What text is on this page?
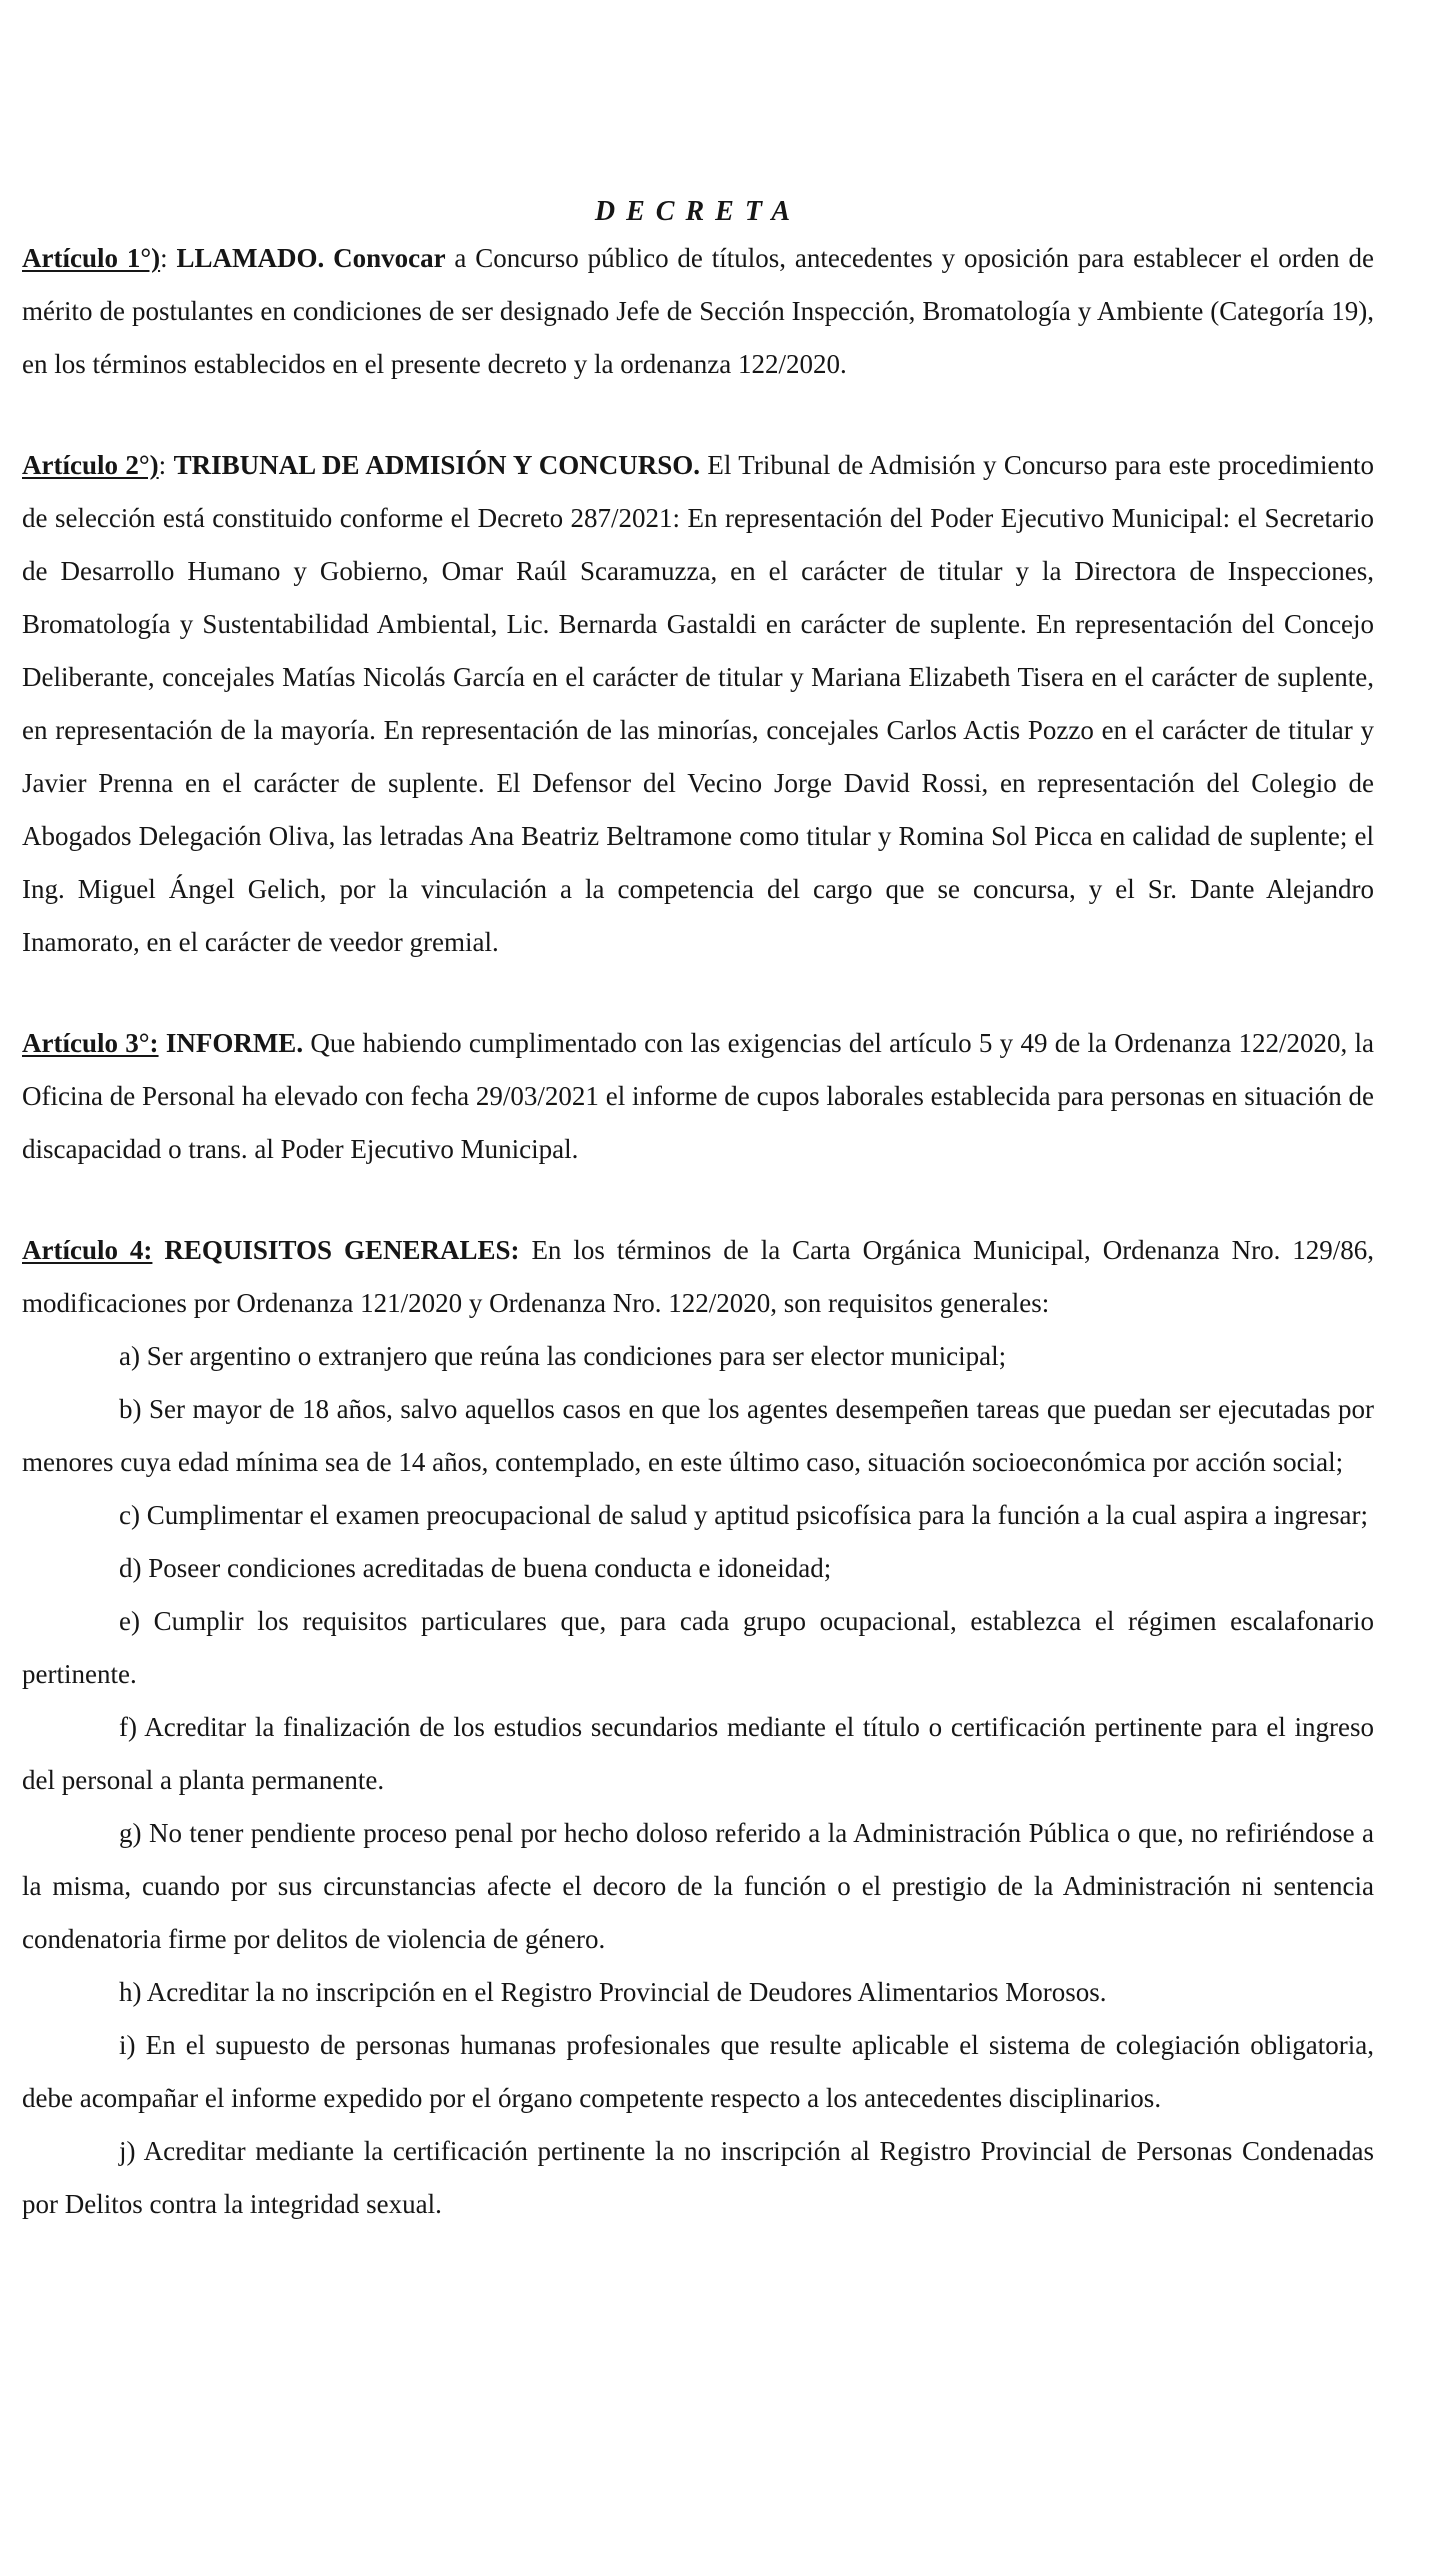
DECRETA

Artículo 1°): LLAMADO. Convocar a Concurso público de títulos, antecedentes y oposición para establecer el orden de mérito de postulantes en condiciones de ser designado Jefe de Sección Inspección, Bromatología y Ambiente (Categoría 19), en los términos establecidos en el presente decreto y la ordenanza 122/2020.

Artículo 2°): TRIBUNAL DE ADMISIÓN Y CONCURSO. El Tribunal de Admisión y Concurso para este procedimiento de selección está constituido conforme el Decreto 287/2021: En representación del Poder Ejecutivo Municipal: el Secretario de Desarrollo Humano y Gobierno, Omar Raúl Scaramuzza, en el carácter de titular y la Directora de Inspecciones, Bromatología y Sustentabilidad Ambiental, Lic. Bernarda Gastaldi en carácter de suplente. En representación del Concejo Deliberante, concejales Matías Nicolás García en el carácter de titular y Mariana Elizabeth Tisera en el carácter de suplente, en representación de la mayoría. En representación de las minorías, concejales Carlos Actis Pozzo en el carácter de titular y Javier Prenna en el carácter de suplente. El Defensor del Vecino Jorge David Rossi, en representación del Colegio de Abogados Delegación Oliva, las letradas Ana Beatriz Beltramone como titular y Romina Sol Picca en calidad de suplente; el Ing. Miguel Ángel Gelich, por la vinculación a la competencia del cargo que se concursa, y el Sr. Dante Alejandro Inamorato, en el carácter de veedor gremial.

Artículo 3°: INFORME. Que habiendo cumplimentado con las exigencias del artículo 5 y 49 de la Ordenanza 122/2020, la Oficina de Personal ha elevado con fecha 29/03/2021 el informe de cupos laborales establecida para personas en situación de discapacidad o trans. al Poder Ejecutivo Municipal.

Artículo 4: REQUISITOS GENERALES: En los términos de la Carta Orgánica Municipal, Ordenanza Nro. 129/86, modificaciones por Ordenanza 121/2020 y Ordenanza Nro. 122/2020, son requisitos generales:

a) Ser argentino o extranjero que reúna las condiciones para ser elector municipal;

b) Ser mayor de 18 años, salvo aquellos casos en que los agentes desempeñen tareas que puedan ser ejecutadas por menores cuya edad mínima sea de 14 años, contemplado, en este último caso, situación socioeconómica por acción social;

c) Cumplimentar el examen preocupacional de salud y aptitud psicofísica para la función a la cual aspira a ingresar;

d) Poseer condiciones acreditadas de buena conducta e idoneidad;

e) Cumplir los requisitos particulares que, para cada grupo ocupacional, establezca el régimen escalafonario pertinente.

f) Acreditar la finalización de los estudios secundarios mediante el título o certificación pertinente para el ingreso del personal a planta permanente.

g) No tener pendiente proceso penal por hecho doloso referido a la Administración Pública o que, no refiriéndose a la misma, cuando por sus circunstancias afecte el decoro de la función o el prestigio de la Administración ni sentencia condenatoria firme por delitos de violencia de género.

h) Acreditar la no inscripción en el Registro Provincial de Deudores Alimentarios Morosos.

i) En el supuesto de personas humanas profesionales que resulte aplicable el sistema de colegiación obligatoria, debe acompañar el informe expedido por el órgano competente respecto a los antecedentes disciplinarios.

j) Acreditar mediante la certificación pertinente la no inscripción al Registro Provincial de Personas Condenadas por Delitos contra la integridad sexual.
